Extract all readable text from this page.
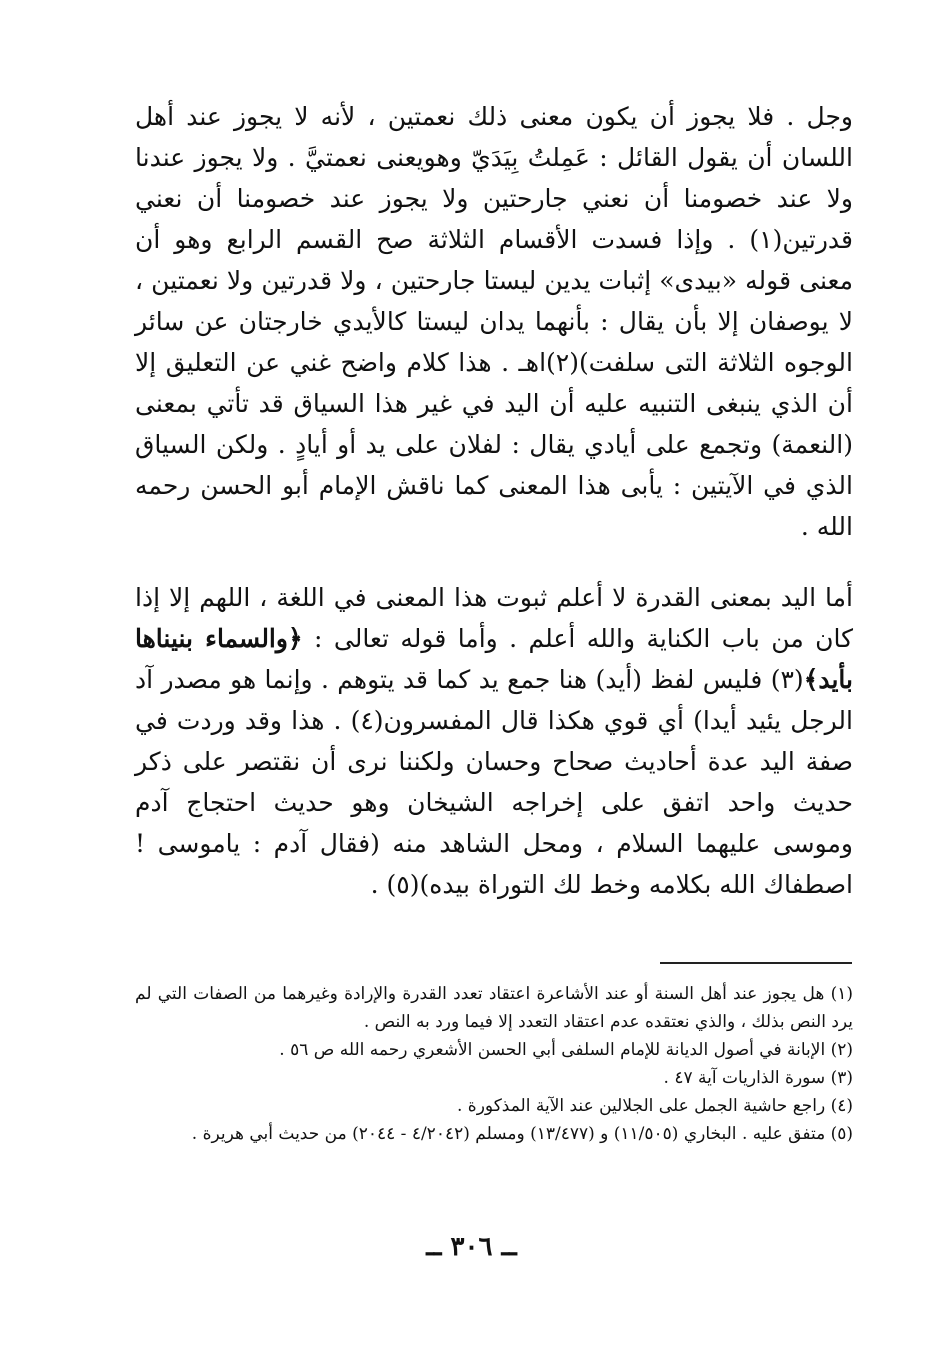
وجل . فلا يجوز أن يكون معنى ذلك نعمتين ، لأنه لا يجوز عند أهل اللسان أن يقول القائل : عَمِلتُ بِيَدَيّ وهويعنى نعمتيَّ . ولا يجوز عندنا ولا عند خصومنا أن نعني جارحتين ولا يجوز عند خصومنا أن نعني قدرتين(١) . وإذا فسدت الأقسام الثلاثة صح القسم الرابع وهو أن معنى قوله «بيدى» إثبات يدين ليستا جارحتين ، ولا قدرتين ولا نعمتين ، لا يوصفان إلا بأن يقال : بأنهما يدان ليستا كالأيدي خارجتان عن سائر الوجوه الثلاثة التى سلفت)(٢)اهـ . هذا كلام واضح غني عن التعليق إلا أن الذي ينبغى التنبيه عليه أن اليد في غير هذا السياق قد تأتي بمعنى (النعمة) وتجمع على أيادي يقال : لفلان على يد أو أيادٍ . ولكن السياق الذي في الآيتين : يأبى هذا المعنى كما ناقش الإمام أبو الحسن رحمه الله .

أما اليد بمعنى القدرة لا أعلم ثبوت هذا المعنى في اللغة ، اللهم إلا إذا كان من باب الكناية والله أعلم . وأما قوله تعالى : ﴿والسماء بنيناها بأيد﴾(٣) فليس لفظ (أيد) هنا جمع يد كما قد يتوهم . وإنما هو مصدر آد الرجل يئيد أيدا) أي قوي هكذا قال المفسرون(٤) . هذا وقد وردت في صفة اليد عدة أحاديث صحاح وحسان ولكننا نرى أن نقتصر على ذكر حديث واحد اتفق على إخراجه الشيخان وهو حديث احتجاج آدم وموسى عليهما السلام ، ومحل الشاهد منه (فقال آدم : ياموسى ! اصطفاك الله بكلامه وخط لك التوراة بيده)(٥) .

(١) هل يجوز عند أهل السنة أو عند الأشاعرة اعتقاد تعدد القدرة والإرادة وغيرهما من الصفات التي لم يرد النص بذلك ، والذي نعتقده عدم اعتقاد التعدد إلا فيما ورد به النص .

(٢) الإبانة في أصول الديانة للإمام السلفى أبي الحسن الأشعري رحمه الله ص ٥٦ .

(٣) سورة الذاريات آية ٤٧ .

(٤) راجع حاشية الجمل على الجلالين عند الآية المذكورة .

(٥) متفق عليه . البخاري (١١/٥٠٥) و (١٣/٤٧٧) ومسلم (٤/٢٠٤٢ - ٢٠٤٤) من حديث أبي هريرة .

ــ ٣٠٦ ــ
